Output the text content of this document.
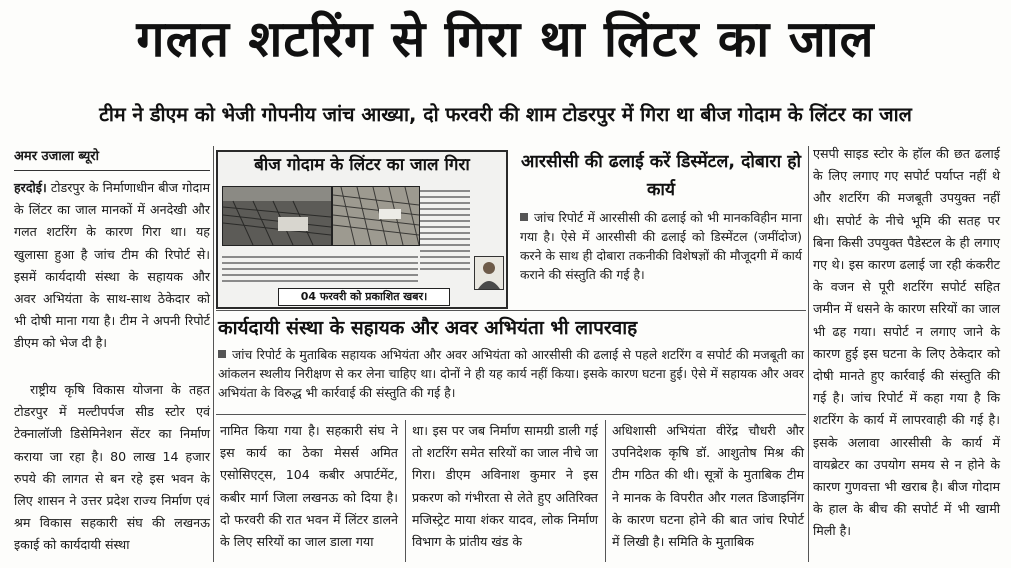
गलत शटरिंग से गिरा था लिंटर का जाल
टीम ने डीएम को भेजी गोपनीय जांच आख्या, दो फरवरी की शाम टोडरपुर में गिरा था बीज गोदाम के लिंटर का जाल
अमर उजाला ब्यूरो

हरदोई। टोडरपुर के निर्माणाधीन बीज गोदाम के लिंटर का जाल मानकों में अनदेखी और गलत शटरिंग के कारण गिरा था। यह खुलासा हुआ है जांच टीम की रिपोर्ट से। इसमें कार्यदायी संस्था के सहायक और अवर अभियंता के साथ-साथ ठेकेदार को भी दोषी माना गया है। टीम ने अपनी रिपोर्ट डीएम को भेज दी है।

राष्ट्रीय कृषि विकास योजना के तहत टोडरपुर में मल्टीपर्पज सीड स्टोर एवं टेक्नालॉजी डिसेमिनेशन सेंटर का निर्माण कराया जा रहा है। 80 लाख 14 हजार रुपये की लागत से बन रहे इस भवन के लिए शासन ने उत्तर प्रदेश राज्य निर्माण एवं श्रम विकास सहकारी संघ की लखनऊ इकाई को कार्यदायी संस्था

बीज गोदाम के लिंटर का जाल गिरा
04 फरवरी को प्रकाशित खबर।
आरसीसी की ढलाई करें डिस्मेंटल, दोबारा हो कार्य
जांच रिपोर्ट में आरसीसी की ढलाई को भी मानकविहीन माना गया है। ऐसे में आरसीसी की ढलाई को डिस्मेंटल (जमींदोज) करने के साथ ही दोबारा तकनीकी विशेषज्ञों की मौजूदगी में कार्य कराने की संस्तुति की गई है।
कार्यदायी संस्था के सहायक और अवर अभियंता भी लापरवाह
जांच रिपोर्ट के मुताबिक सहायक अभियंता और अवर अभियंता को आरसीसी की ढलाई से पहले शटरिंग व सपोर्ट की मजबूती का आंकलन स्थलीय निरीक्षण से कर लेना चाहिए था। दोनों ने ही यह कार्य नहीं किया। इसके कारण घटना हुई। ऐसे में सहायक और अवर अभियंता के विरुद्ध भी कार्रवाई की संस्तुति की गई है।
नामित किया गया है। सहकारी संघ ने इस कार्य का ठेका मेसर्स अमित एसोसिएट्स, 104 कबीर अपार्टमेंट, कबीर मार्ग जिला लखनऊ को दिया है। दो फरवरी की रात भवन में लिंटर डालने के लिए सरियों का जाल डाला गया
था। इस पर जब निर्माण सामग्री डाली गई तो शटरिंग समेत सरियों का जाल नीचे जा गिरा। डीएम अविनाश कुमार ने इस प्रकरण को गंभीरता से लेते हुए अतिरिक्त मजिस्ट्रेट माया शंकर यादव, लोक निर्माण विभाग के प्रांतीय खंड के
अधिशासी अभियंता वीरेंद्र चौधरी और उपनिदेशक कृषि डॉ. आशुतोष मिश्र की टीम गठित की थी। सूत्रों के मुताबिक टीम ने मानक के विपरीत और गलत डिजाइनिंग के कारण घटना होने की बात जांच रिपोर्ट में लिखी है। समिति के मुताबिक
एसपी साइड स्टोर के हॉल की छत ढलाई के लिए लगाए गए सपोर्ट पर्याप्त नहीं थे और शटरिंग की मजबूती उपयुक्त नहीं थी। सपोर्ट के नीचे भूमि की सतह पर बिना किसी उपयुक्त पैडेस्टल के ही लगाए गए थे। इस कारण ढलाई जा रही कंकरीट के वजन से पूरी शटरिंग सपोर्ट सहित जमीन में धसने के कारण सरियों का जाल भी ढह गया। सपोर्ट न लगाए जाने के कारण हुई इस घटना के लिए ठेकेदार को दोषी मानते हुए कार्रवाई की संस्तुति की गई है। जांच रिपोर्ट में कहा गया है कि शटरिंग के कार्य में लापरवाही की गई है। इसके अलावा आरसीसी के कार्य में वायब्रेटर का उपयोग समय से न होने के कारण गुणवत्ता भी खराब है। बीज गोदाम के हाल के बीच की सपोर्ट में भी खामी मिली है।
